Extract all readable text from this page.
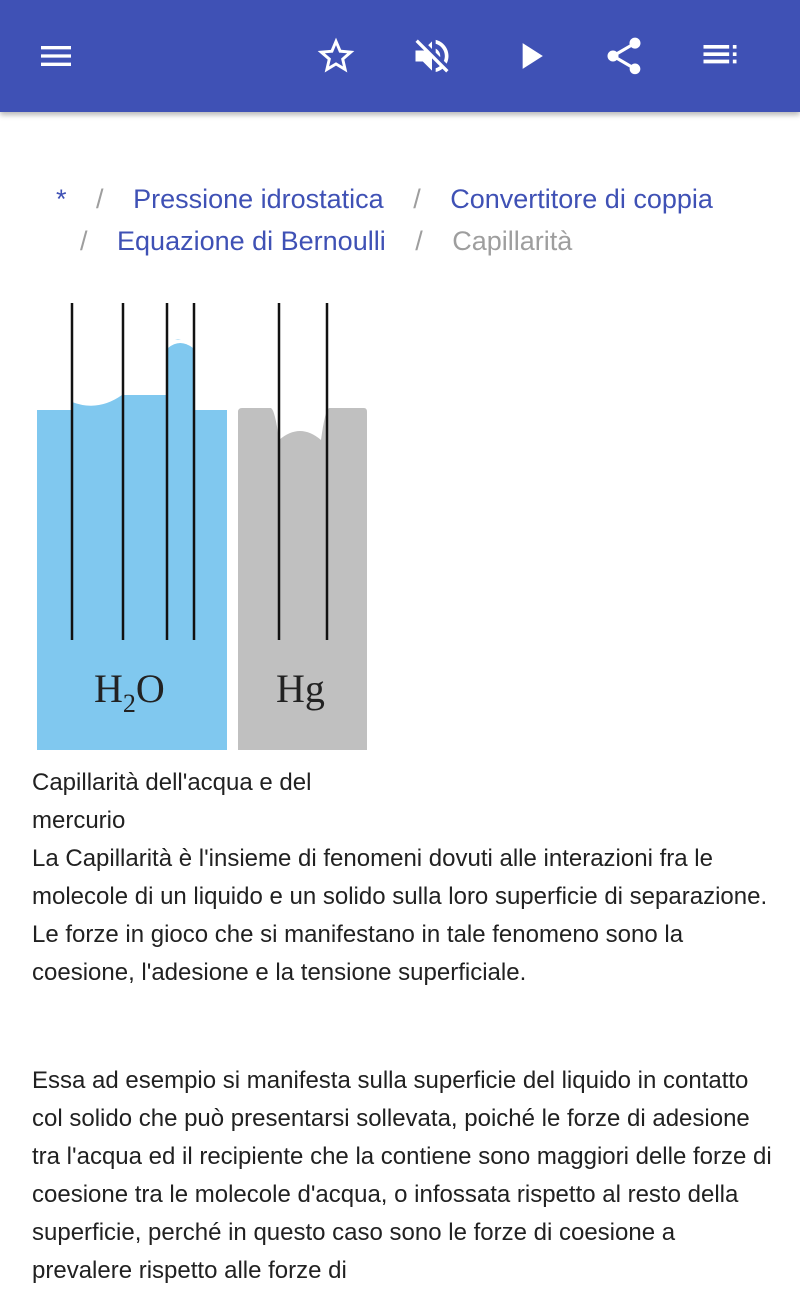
* / Pressione idrostatica / Convertitore di coppia
/ Equazione di Bernoulli / Capillarità
$H_2O$	Hg
Capillarità dell'acqua e del mercurio

La Capillarità è l'insieme di fenomeni dovuti alle interazioni fra le molecole di un liquido e un solido sulla loro superficie di separazione. Le forze in gioco che si manifestano in tale fenomeno sono la coesione, l'adesione e la tensione superficiale.

Essa ad esempio si manifesta sulla superficie del liquido in contatto col solido che può presentarsi sollevata, poiché le forze di adesione tra l'acqua ed il recipiente che la contiene sono maggiori delle forze di coesione tra le molecole d'acqua, o infossata rispetto al resto della superficie, perché in questo caso sono le forze di coesione a prevalere rispetto alle forze di
